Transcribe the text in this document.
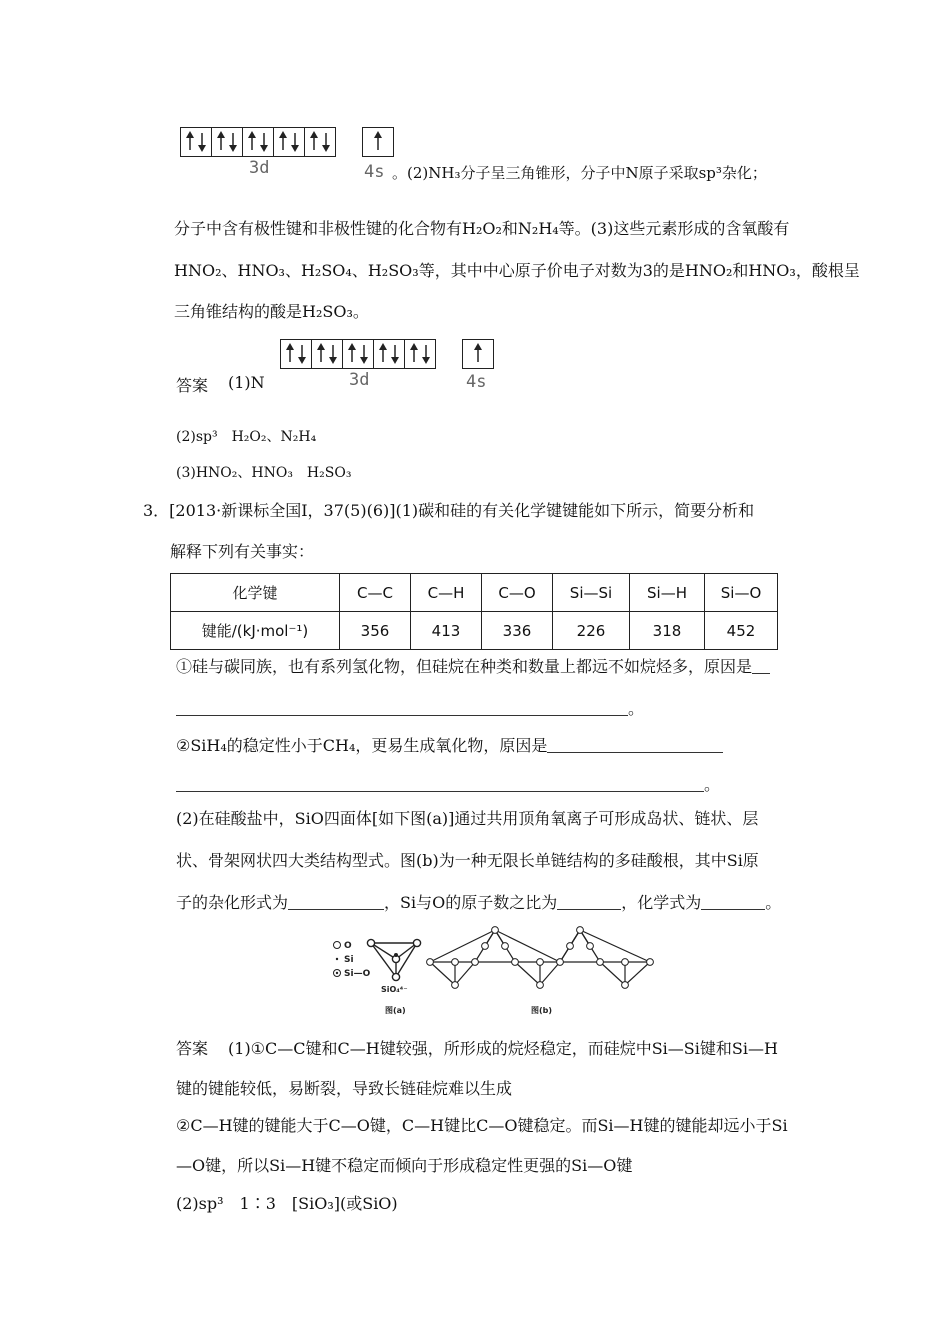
3d	4s 。(2)NH₃分子呈三角锥形，分子中N原子采取sp³杂化；
分子中含有极性键和非极性键的化合物有H₂O₂和N₂H₄等。(3)这些元素形成的含氧酸有
HNO₂、HNO₃、H₂SO₄、H₂SO₃等，其中中心原子价电子对数为3的是HNO₂和HNO₃，酸根呈
三角锥结构的酸是H₂SO₃。
答案 (1)N	3d	4s
(2)sp³　H₂O₂、N₂H₄
(3)HNO₂、HNO₃　H₂SO₃
3．[2013·新课标全国Ⅰ，37(5)(6)](1)碳和硅的有关化学键键能如下所示，简要分析和
解释下列有关事实：
化学键	C—C	C—H	C—O	Si—Si	Si—H	Si—O
键能/(kJ·mol⁻¹)	356	413	336	226	318	452
①硅与碳同族，也有系列氢化物，但硅烷在种类和数量上都远不如烷烃多，原因是
。
②SiH₄的稳定性小于CH₄，更易生成氧化物，原因是
。
(2)在硅酸盐中，SiO四面体[如下图(a)]通过共用顶角氧离子可形成岛状、链状、层
状、骨架网状四大类结构型式。图(b)为一种无限长单链结构的多硅酸根，其中Si原
子的杂化形式为	，Si与O的原子数之比为	，化学式为	。
O
Si
Si—O
SiO₄⁴⁻
图(a)	图(b)
答案 (1)①C—C键和C—H键较强，所形成的烷烃稳定，而硅烷中Si—Si键和Si—H
键的键能较低，易断裂，导致长链硅烷难以生成
②C—H键的键能大于C—O键，C—H键比C—O键稳定。而Si—H键的键能却远小于Si
—O键，所以Si—H键不稳定而倾向于形成稳定性更强的Si—O键
(2)sp³　1∶3　[SiO₃](或SiO)
